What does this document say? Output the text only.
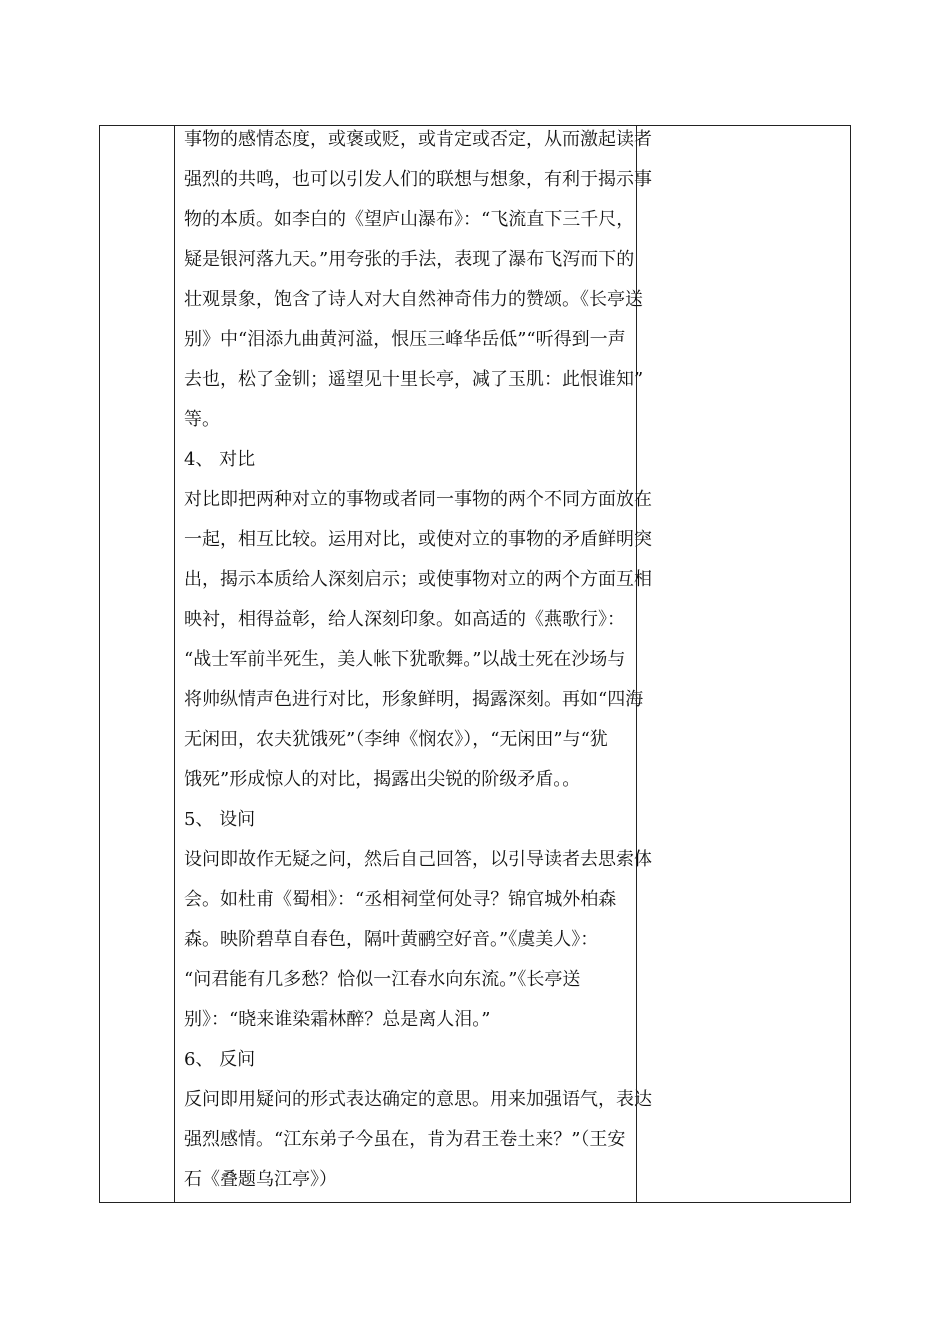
事物的感情态度，或褒或贬，或肯定或否定，从而激起读者
强烈的共鸣，也可以引发人们的联想与想象，有利于揭示事
物的本质。如李白的《望庐山瀑布》：“飞流直下三千尺，
疑是银河落九天。”用夸张的手法，表现了瀑布飞泻而下的
壮观景象，饱含了诗人对大自然神奇伟力的赞颂。《长亭送
别》中“泪添九曲黄河溢，恨压三峰华岳低”“听得到一声
去也，松了金钏；遥望见十里长亭，减了玉肌：此恨谁知”
等。
4、 对比
对比即把两种对立的事物或者同一事物的两个不同方面放在
一起，相互比较。运用对比，或使对立的事物的矛盾鲜明突
出，揭示本质给人深刻启示；或使事物对立的两个方面互相
映衬，相得益彰，给人深刻印象。如高适的《燕歌行》：
“战士军前半死生，美人帐下犹歌舞。”以战士死在沙场与
将帅纵情声色进行对比，形象鲜明，揭露深刻。再如“四海
无闲田，农夫犹饿死”（李绅《悯农》），“无闲田”与“犹
饿死”形成惊人的对比，揭露出尖锐的阶级矛盾。。
5、 设问
设问即故作无疑之问，然后自己回答，以引导读者去思索体
会。如杜甫《蜀相》：“丞相祠堂何处寻？锦官城外柏森
森。映阶碧草自春色，隔叶黄鹂空好音。”《虞美人》：
“问君能有几多愁？恰似一江春水向东流。”《长亭送
别》：“晓来谁染霜林醉？总是离人泪。”
6、 反问
反问即用疑问的形式表达确定的意思。用来加强语气，表达
强烈感情。“江东弟子今虽在，肯为君王卷土来？”（王安
石《叠题乌江亭》）
